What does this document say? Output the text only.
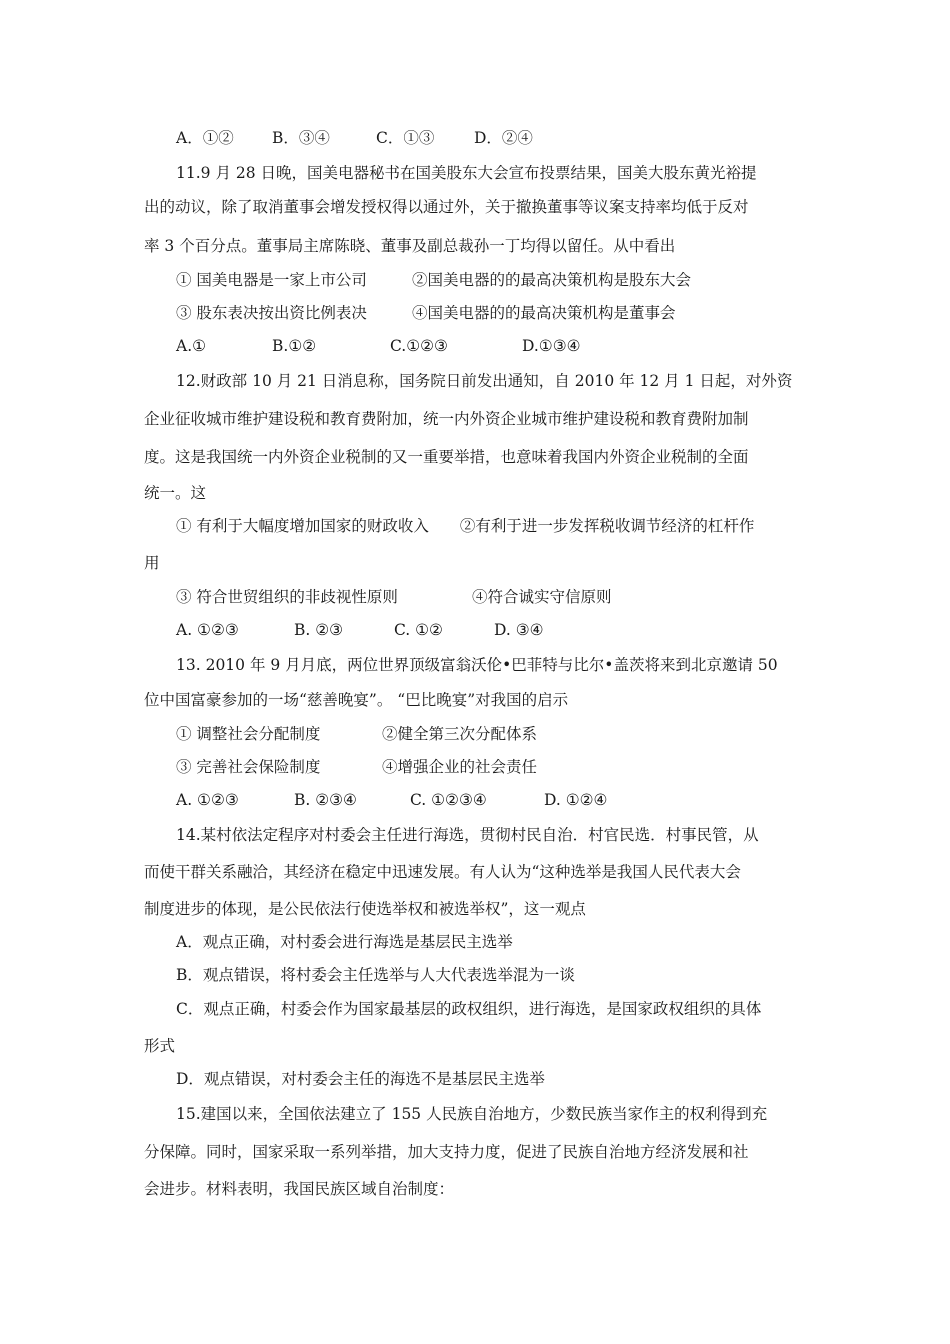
A．①② B．③④	C．①③	D．②④
11.9 月 28 日晚，国美电器秘书在国美股东大会宣布投票结果，国美大股东黄光裕提
出的动议，除了取消董事会增发授权得以通过外，关于撤换董事等议案支持率均低于反对
率 3 个百分点。董事局主席陈晓、董事及副总裁孙一丁均得以留任。从中看出
① 国美电器是一家上市公司	②国美电器的的最高决策机构是股东大会
③ 股东表决按出资比例表决	④国美电器的的最高决策机构是董事会
A.①	B.①②	C.①②③	D.①③④
12.财政部 10 月 21 日消息称，国务院日前发出通知，自 2010 年 12 月 1 日起，对外资
企业征收城市维护建设税和教育费附加，统一内外资企业城市维护建设税和教育费附加制
度。这是我国统一内外资企业税制的又一重要举措，也意味着我国内外资企业税制的全面
统一。这
① 有利于大幅度增加国家的财政收入　　②有利于进一步发挥税收调节经济的杠杆作
用
③ 符合世贸组织的非歧视性原则	④符合诚实守信原则
A. ①②③	B. ②③	C. ①②	D. ③④
13. 2010 年 9 月月底，两位世界顶级富翁沃伦•巴菲特与比尔•盖茨将来到北京邀请 50
位中国富豪参加的一场“慈善晚宴”。 “巴比晚宴”对我国的启示
① 调整社会分配制度	②健全第三次分配体系
③ 完善社会保险制度	④增强企业的社会责任
A. ①②③	B. ②③④	C. ①②③④	D. ①②④
14.某村依法定程序对村委会主任进行海选，贯彻村民自治．村官民选．村事民管，从
而使干群关系融洽，其经济在稳定中迅速发展。有人认为“这种选举是我国人民代表大会
制度进步的体现，是公民依法行使选举权和被选举权”，这一观点
A．观点正确，对村委会进行海选是基层民主选举
B．观点错误，将村委会主任选举与人大代表选举混为一谈
C．观点正确，村委会作为国家最基层的政权组织，进行海选，是国家政权组织的具体
形式
D．观点错误，对村委会主任的海选不是基层民主选举
15.建国以来，全国依法建立了 155 人民族自治地方，少数民族当家作主的权利得到充
分保障。同时，国家采取一系列举措，加大支持力度，促进了民族自治地方经济发展和社
会进步。材料表明，我国民族区域自治制度：
